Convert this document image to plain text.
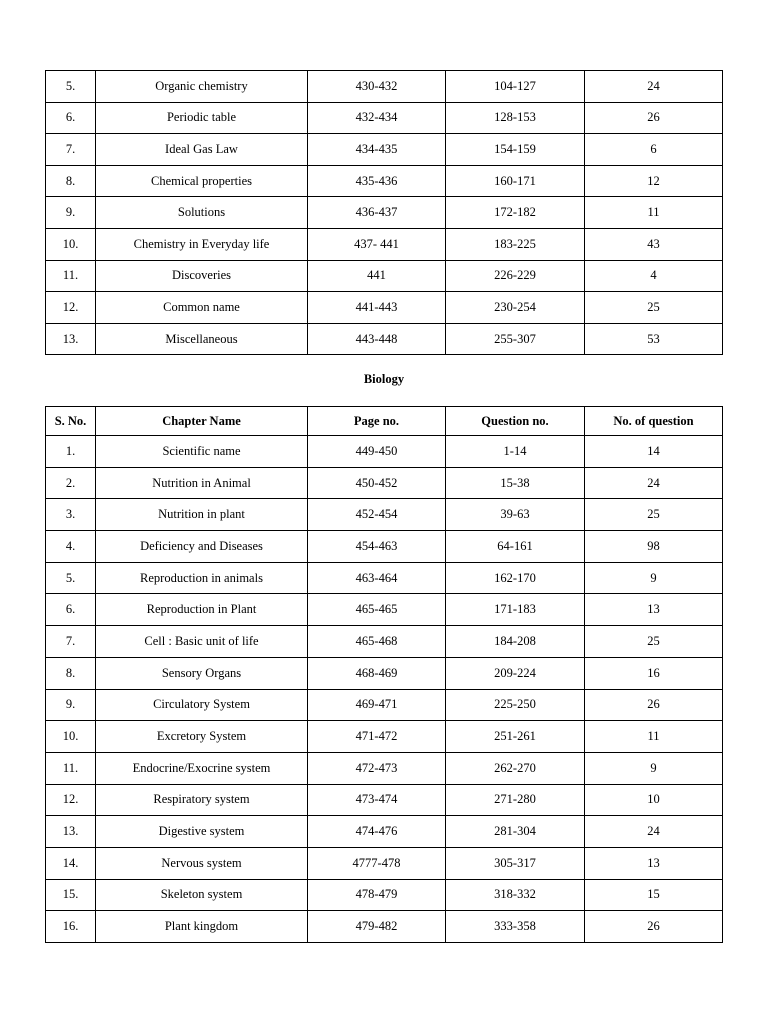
5.	Organic chemistry	430-432	104-127	24
6.	Periodic table	432-434	128-153	26
7.	Ideal Gas Law	434-435	154-159	6
8.	Chemical properties	435-436	160-171	12
9.	Solutions	436-437	172-182	11
10.	Chemistry in Everyday life	437- 441	183-225	43
11.	Discoveries	441	226-229	4
12.	Common name	441-443	230-254	25
13.	Miscellaneous	443-448	255-307	53
Biology
S. No.	Chapter Name	Page no.	Question no.	No. of question
1.	Scientific name	449-450	1-14	14
2.	Nutrition in Animal	450-452	15-38	24
3.	Nutrition in plant	452-454	39-63	25
4.	Deficiency and Diseases	454-463	64-161	98
5.	Reproduction in animals	463-464	162-170	9
6.	Reproduction in Plant	465-465	171-183	13
7.	Cell : Basic unit of life	465-468	184-208	25
8.	Sensory Organs	468-469	209-224	16
9.	Circulatory System	469-471	225-250	26
10.	Excretory System	471-472	251-261	11
11.	Endocrine/Exocrine system	472-473	262-270	9
12.	Respiratory system	473-474	271-280	10
13.	Digestive system	474-476	281-304	24
14.	Nervous system	4777-478	305-317	13
15.	Skeleton system	478-479	318-332	15
16.	Plant kingdom	479-482	333-358	26
